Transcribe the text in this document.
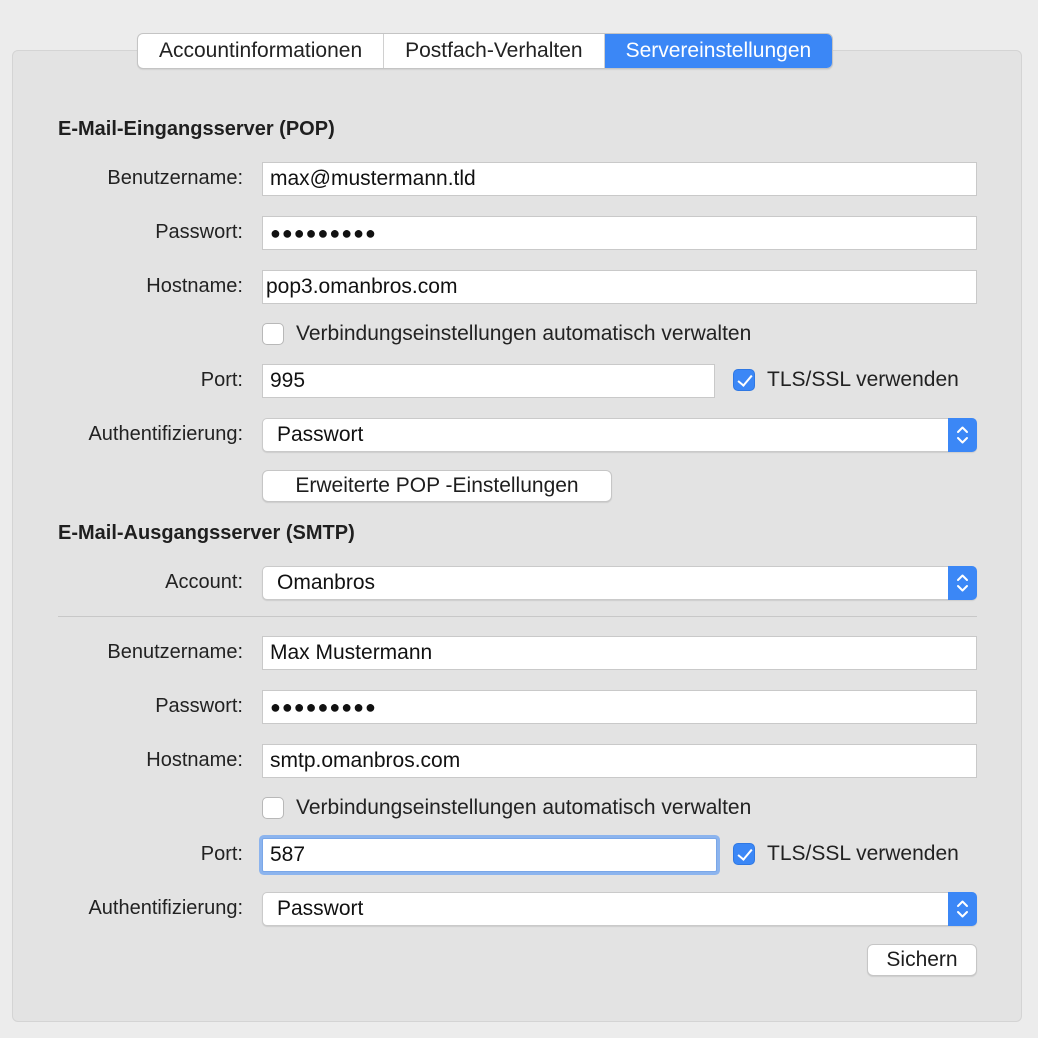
Accountinformationen	Postfach-Verhalten	Servereinstellungen
E-Mail-Eingangsserver (POP)
Benutzername:	max@mustermann.tld
Passwort:	●●●●●●●●●
Hostname: pop3.omanbros.com
Verbindungseinstellungen automatisch verwalten
Port:	995	TLS/SSL verwenden
Authentifizierung: Passwort
Erweiterte POP -Einstellungen
E-Mail-Ausgangsserver (SMTP)
Account: Omanbros
Benutzername:	Max Mustermann
Passwort:	●●●●●●●●●
Hostname:	smtp.omanbros.com
Verbindungseinstellungen automatisch verwalten
Port:	587	TLS/SSL verwenden
Authentifizierung: Passwort
Sichern
